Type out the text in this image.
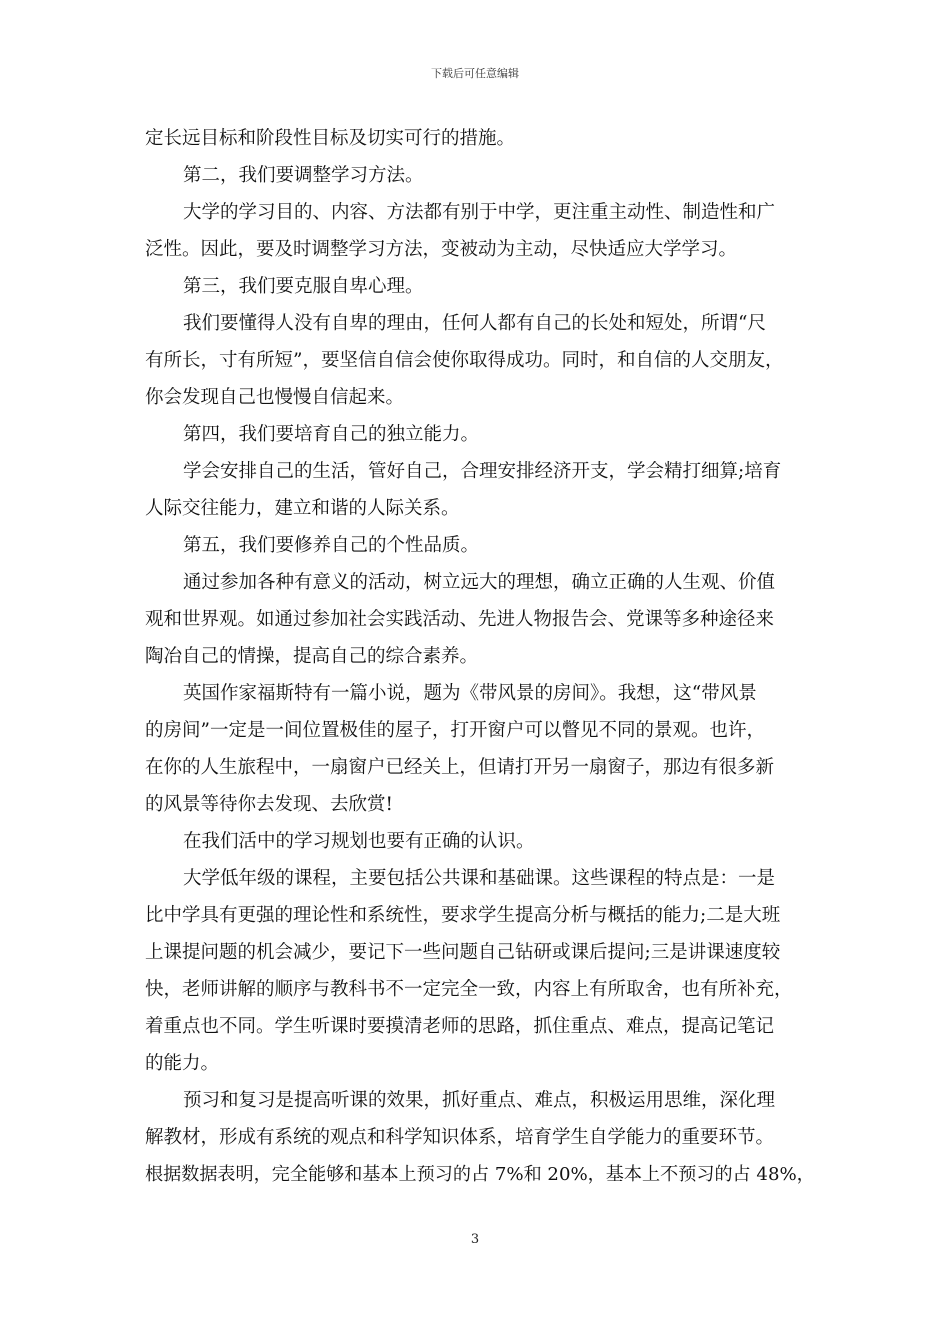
下载后可任意编辑
定长远目标和阶段性目标及切实可行的措施。
第二，我们要调整学习方法。
大学的学习目的、内容、方法都有别于中学，更注重主动性、制造性和广
泛性。因此，要及时调整学习方法，变被动为主动，尽快适应大学学习。
第三，我们要克服自卑心理。
我们要懂得人没有自卑的理由，任何人都有自己的长处和短处，所谓“尺
有所长，寸有所短”，要坚信自信会使你取得成功。同时，和自信的人交朋友，
你会发现自己也慢慢自信起来。
第四，我们要培育自己的独立能力。
学会安排自己的生活，管好自己，合理安排经济开支，学会精打细算;培育
人际交往能力，建立和谐的人际关系。
第五，我们要修养自己的个性品质。
通过参加各种有意义的活动，树立远大的理想，确立正确的人生观、价值
观和世界观。如通过参加社会实践活动、先进人物报告会、党课等多种途径来
陶冶自己的情操，提高自己的综合素养。
英国作家福斯特有一篇小说，题为《带风景的房间》。我想，这“带风景
的房间”一定是一间位置极佳的屋子，打开窗户可以瞥见不同的景观。也许，
在你的人生旅程中，一扇窗户已经关上，但请打开另一扇窗子，那边有很多新
的风景等待你去发现、去欣赏!
在我们活中的学习规划也要有正确的认识。
大学低年级的课程，主要包括公共课和基础课。这些课程的特点是：一是
比中学具有更强的理论性和系统性，要求学生提高分析与概括的能力;二是大班
上课提问题的机会减少，要记下一些问题自己钻研或课后提问;三是讲课速度较
快，老师讲解的顺序与教科书不一定完全一致，内容上有所取舍，也有所补充，
着重点也不同。学生听课时要摸清老师的思路，抓住重点、难点，提高记笔记
的能力。
预习和复习是提高听课的效果，抓好重点、难点，积极运用思维，深化理
解教材，形成有系统的观点和科学知识体系，培育学生自学能力的重要环节。
根据数据表明，完全能够和基本上预习的占 7%和 20%，基本上不预习的占 48%，
3
